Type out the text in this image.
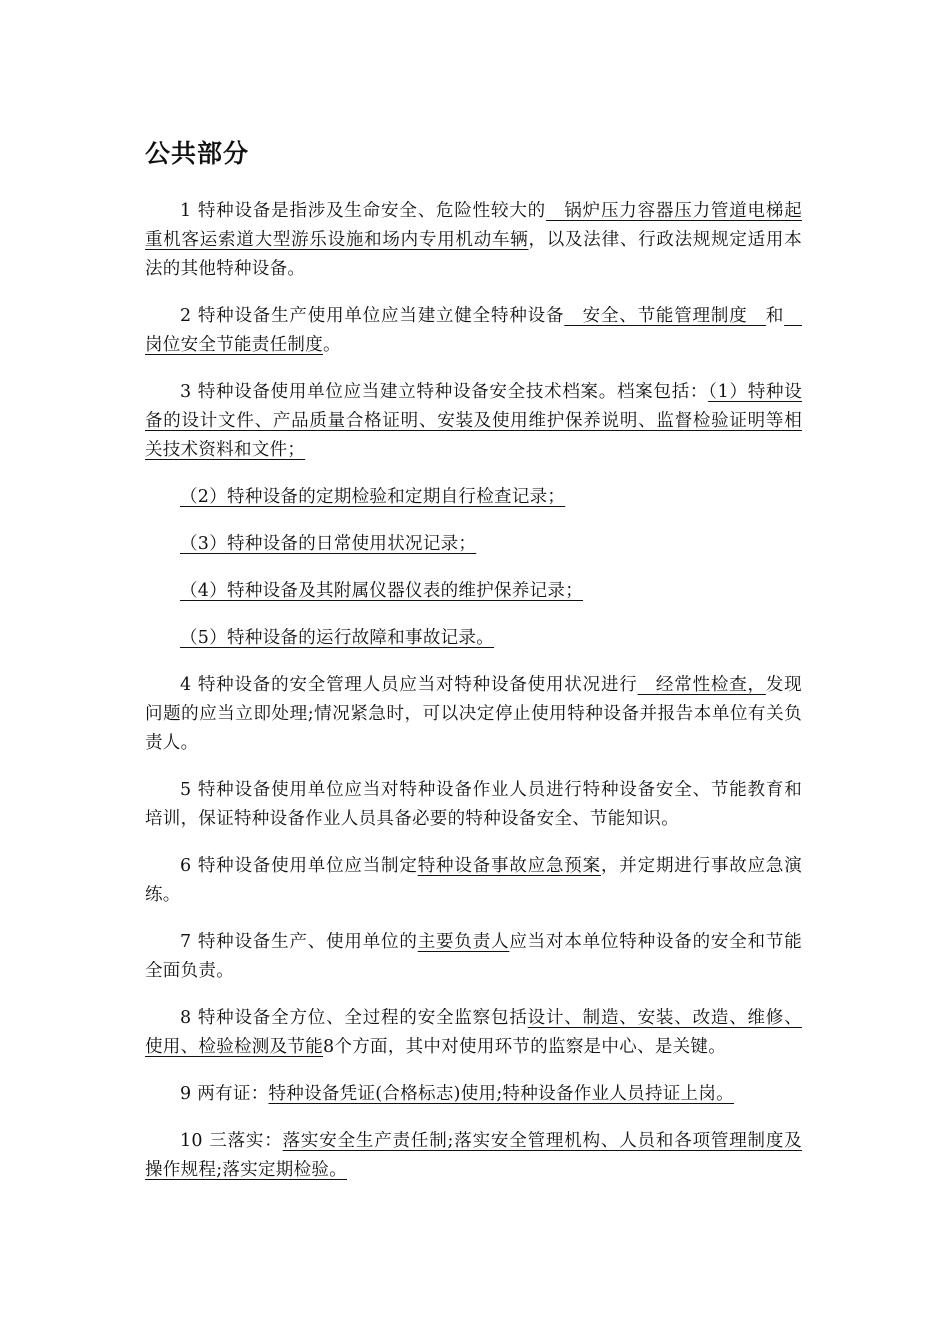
公共部分

1 特种设备是指涉及生命安全、危险性较大的　锅炉压力容器压力管道电梯起重机客运索道大型游乐设施和场内专用机动车辆，以及法律、行政法规规定适用本法的其他特种设备。

2 特种设备生产使用单位应当建立健全特种设备　安全、节能管理制度　和　岗位安全节能责任制度。

3 特种设备使用单位应当建立特种设备安全技术档案。档案包括：（1）特种设备的设计文件、产品质量合格证明、安装及使用维护保养说明、监督检验证明等相关技术资料和文件；

（2）特种设备的定期检验和定期自行检查记录；

（3）特种设备的日常使用状况记录；

（4）特种设备及其附属仪器仪表的维护保养记录；

（5）特种设备的运行故障和事故记录。

4 特种设备的安全管理人员应当对特种设备使用状况进行　经常性检查，发现问题的应当立即处理;情况紧急时，可以决定停止使用特种设备并报告本单位有关负责人。

5 特种设备使用单位应当对特种设备作业人员进行特种设备安全、节能教育和培训，保证特种设备作业人员具备必要的特种设备安全、节能知识。

6 特种设备使用单位应当制定特种设备事故应急预案，并定期进行事故应急演练。

7 特种设备生产、使用单位的主要负责人应当对本单位特种设备的安全和节能全面负责。

8 特种设备全方位、全过程的安全监察包括设计、制造、安装、改造、维修、使用、检验检测及节能8个方面，其中对使用环节的监察是中心、是关键。

9 两有证：特种设备凭证(合格标志)使用;特种设备作业人员持证上岗。

10 三落实：落实安全生产责任制;落实安全管理机构、人员和各项管理制度及操作规程;落实定期检验。
